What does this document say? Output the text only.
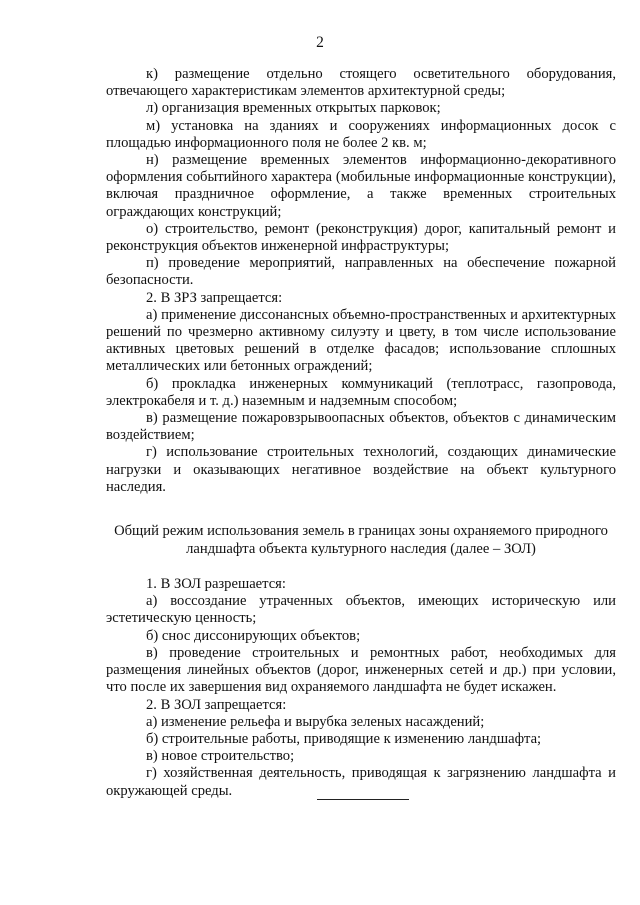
2

к) размещение отдельно стоящего осветительного оборудования, отвечающего характеристикам элементов архитектурной среды;

л) организация временных открытых парковок;

м) установка на зданиях и сооружениях информационных досок с площадью информационного поля не более 2 кв. м;

н) размещение временных элементов информационно-декоративного оформления событийного характера (мобильные информационные конструкции), включая праздничное оформление, а также временных строительных ограждающих конструкций;

о) строительство, ремонт (реконструкция) дорог, капитальный ремонт и реконструкция объектов инженерной инфраструктуры;

п) проведение мероприятий, направленных на обеспечение пожарной безопасности.

2. В ЗРЗ запрещается:

а) применение диссонансных объемно-пространственных и архитектурных решений по чрезмерно активному силуэту и цвету, в том числе использование активных цветовых решений в отделке фасадов; использование сплошных металлических или бетонных ограждений;

б) прокладка инженерных коммуникаций (теплотрасс, газопровода, электрокабеля и т. д.) наземным и надземным способом;

в) размещение пожаровзрывоопасных объектов, объектов с динамическим воздействием;

г) использование строительных технологий, создающих динамические нагрузки и оказывающих негативное воздействие на объект культурного наследия.

Общий режим использования земель в границах зоны охраняемого природного ландшафта объекта культурного наследия (далее – ЗОЛ)

1. В ЗОЛ разрешается:

а) воссоздание утраченных объектов, имеющих историческую или эстетическую ценность;

б) снос диссонирующих объектов;

в) проведение строительных и ремонтных работ, необходимых для размещения линейных объектов (дорог, инженерных сетей и др.) при условии, что после их завершения вид охраняемого ландшафта не будет искажен.

2. В ЗОЛ запрещается:

а) изменение рельефа и вырубка зеленых насаждений;

б) строительные работы, приводящие к изменению ландшафта;

в) новое строительство;

г) хозяйственная деятельность, приводящая к загрязнению ландшафта и окружающей среды.
